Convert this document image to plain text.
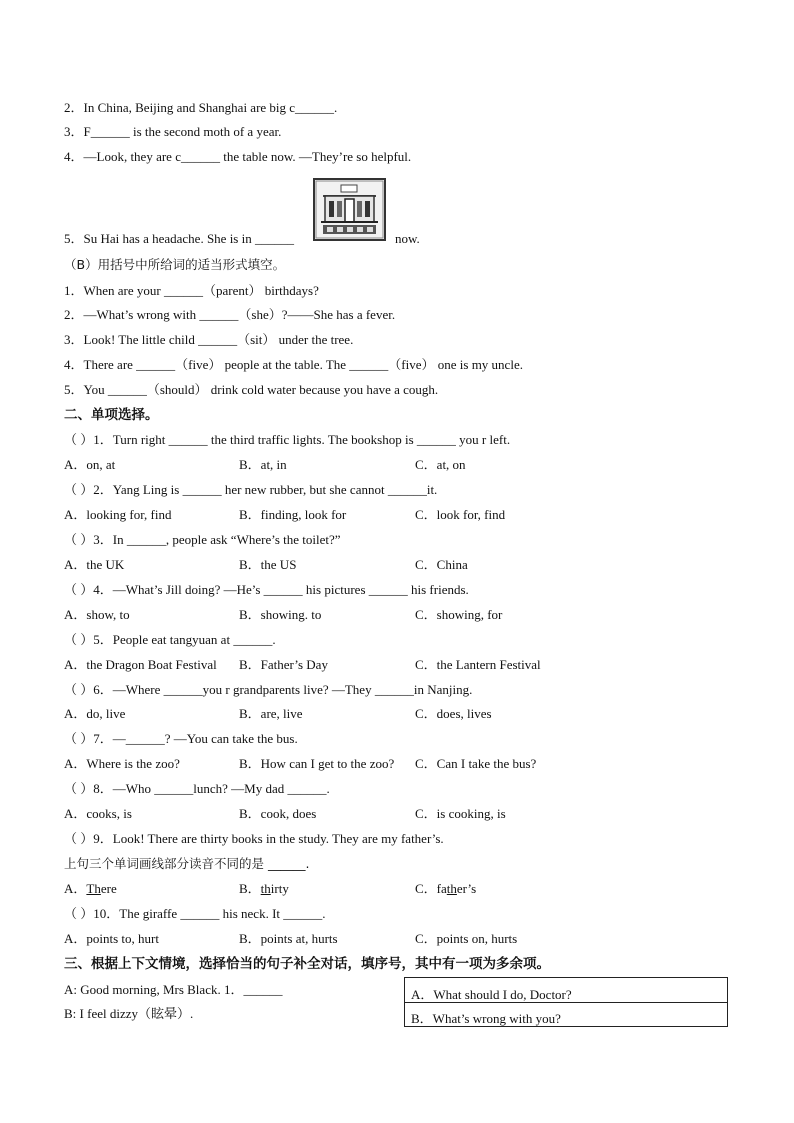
2．In China, Beijing and Shanghai are big c______.
3．F______ is the second moth of a year.
4．—Look, they are c______ the table now. —They’re so helpful.
5．Su Hai has a headache. She is in ______	now.
（B）用括号中所给词的适当形式填空。
1．When are your ______（parent） birthdays?
2．—What’s wrong with ______（she）?——She has a fever.
3．Look! The little child ______（sit） under the tree.
4．There are ______（five） people at the table. The ______（five） one is my uncle.
5．You ______（should） drink cold water because you have a cough.
二、单项选择。
（ ）1．Turn right ______ the third traffic lights. The bookshop is ______ you r left.
A．on, at	B．at, in	C．at, on
（ ）2．Yang Ling is ______ her new rubber, but she cannot ______it.
A．looking for, find	B．finding, look for	C．look for, find
（ ）3．In ______, people ask “Where’s the toilet?”
A．the UK	B．the US	C．China
（ ）4．—What’s Jill doing? —He’s ______ his pictures ______ his friends.
A．show, to	B．showing. to	C．showing, for
（ ）5．People eat tangyuan at ______.
A．the Dragon Boat Festival B．Father’s Day	C．the Lantern Festival
（ ）6．—Where ______you r grandparents live? —They ______in Nanjing.
A．do, live	B．are, live	C．does, lives
（ ）7．—______? —You can take the bus.
A．Where is the zoo?	B．How can I get to the zoo? C．Can I take the bus?
（ ）8．—Who ______lunch? —My dad ______.
A．cooks, is	B．cook, does	C．is cooking, is
（ ）9．Look! There are thirty books in the study. They are my father’s.
上句三个单词画线部分读音不同的是 ______.
A．There	B．thirty	C．father’s
（ ）10．The giraffe ______ his neck. It ______.
A．points to, hurt	B．points at, hurts	C．points on, hurts
三、根据上下文情境，选择恰当的句子补全对话，填序号，其中有一项为多余项。
A: Good morning, Mrs Black. 1．______
B: I feel dizzy（眩晕）.
A．What should I do, Doctor?
B．What’s wrong with you?
